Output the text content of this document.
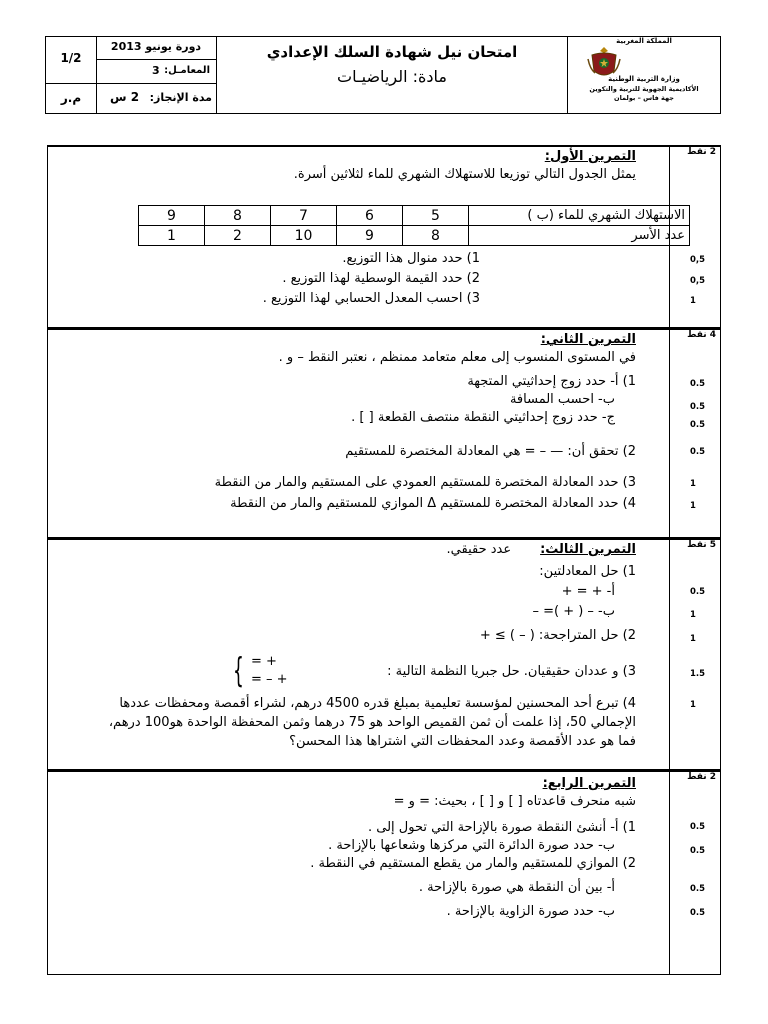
1/2
م.ر
دورة يونيو 2013
المعامـل:
3
مدة الإنجاز:
2 س
امتحان نيل شهادة السلك الإعدادي
مادة: الرياضيـات
المملكة المغربية
وزارة التربية الوطنية
الأكاديمية الجهوية للتربية والتكوين
جهة فاس – بولمان
2 نقط
التمرين الأول:
يمثل الجدول التالي توزيعا للاستهلاك الشهري للماء لثلاثين أسرة.
الاستهلاك الشهري للماء (ب )	5	6	7	8	9
عدد الأسر	8	9	10	2	1
1) حدد منوال هذا التوزيع.
2) حدد القيمة الوسطية لهذا التوزيع .
3) احسب المعدل الحسابي لهذا التوزيع .
0,5
0,5
1
4 نقط
التمرين الثاني:
في المستوى المنسوب إلى معلم متعامد ممنظم ، نعتبر النقط – و .
1) أ- حدد زوج إحداثيتي المتجهة
ب- احسب المسافة
ج- حدد زوج إحداثيتي النقطة منتصف القطعة [ ] .
2) تحقق أن: — – = هي المعادلة المختصرة للمستقيم
3) حدد المعادلة المختصرة للمستقيم العمودي على المستقيم والمار من النقطة
4) حدد المعادلة المختصرة للمستقيم Δ الموازي للمستقيم والمار من النقطة
0.5
0.5
0.5
0.5
1
1
5 نقط
التمرين الثالث:       عدد حقيقي.
1) حل المعادلتين:
أ- + = +
ب- – ( + )= –
2) حل المتراجحة: ( – ) ≥ +
3) و عددان حقيقيان. حل جبريا النظمة التالية :
{ + =
+ – =
4) تبرع أحد المحسنين لمؤسسة تعليمية بمبلغ قدره 4500 درهم، لشراء أقمصة ومحفظات عددها
الإجمالي 50، إذا علمت أن ثمن القميص الواحد هو 75 درهما وثمن المحفظة الواحدة هو100 درهم،
فما هو عدد الأقمصة وعدد المحفظات التي اشتراها هذا المحسن؟
0.5
1
1
1.5
1
2 نقط
التمرين الرابع:
شبه منحرف قاعدتاه [ ] و [ ] ، بحيث: = و =
1) أ- أنشئ النقطة صورة بالإزاحة التي تحول إلى .
ب- حدد صورة الدائرة التي مركزها وشعاعها بالإزاحة .
2) الموازي للمستقيم والمار من يقطع المستقيم في النقطة .
أ- بين أن النقطة هي صورة بالإزاحة .
ب- حدد صورة الزاوية بالإزاحة .
0.5
0.5
0.5
0.5
